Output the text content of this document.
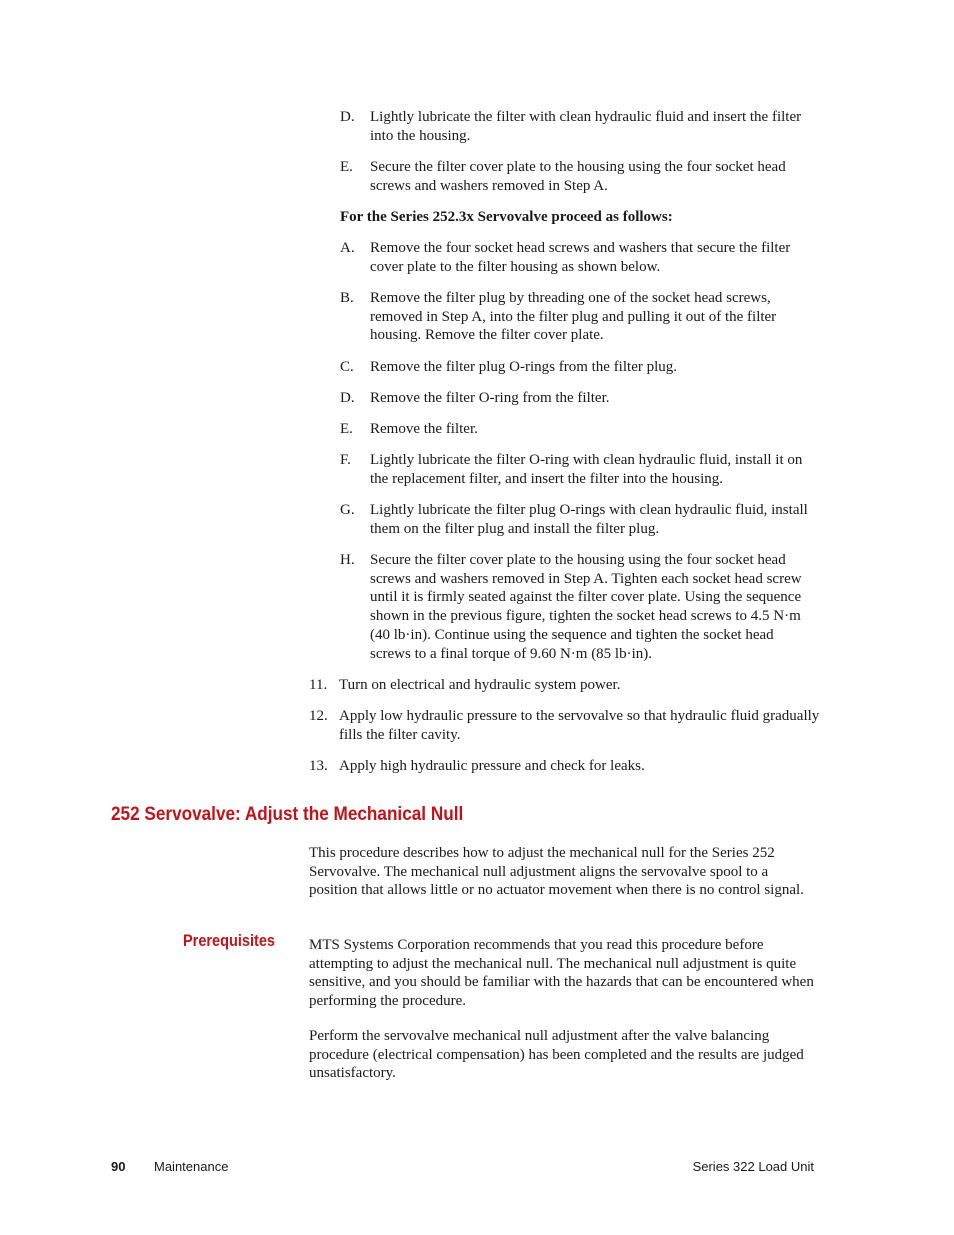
D. Lightly lubricate the filter with clean hydraulic fluid and insert the filter into the housing.
E. Secure the filter cover plate to the housing using the four socket head screws and washers removed in Step A.
For the Series 252.3x Servovalve proceed as follows:
A. Remove the four socket head screws and washers that secure the filter cover plate to the filter housing as shown below.
B. Remove the filter plug by threading one of the socket head screws, removed in Step A, into the filter plug and pulling it out of the filter housing. Remove the filter cover plate.
C. Remove the filter plug O-rings from the filter plug.
D. Remove the filter O-ring from the filter.
E. Remove the filter.
F. Lightly lubricate the filter O-ring with clean hydraulic fluid, install it on the replacement filter, and insert the filter into the housing.
G. Lightly lubricate the filter plug O-rings with clean hydraulic fluid, install them on the filter plug and install the filter plug.
H. Secure the filter cover plate to the housing using the four socket head screws and washers removed in Step A. Tighten each socket head screw until it is firmly seated against the filter cover plate. Using the sequence shown in the previous figure, tighten the socket head screws to 4.5 N·m (40 lb·in). Continue using the sequence and tighten the socket head screws to a final torque of 9.60 N·m (85 lb·in).
11. Turn on electrical and hydraulic system power.
12. Apply low hydraulic pressure to the servovalve so that hydraulic fluid gradually fills the filter cavity.
13. Apply high hydraulic pressure and check for leaks.
252 Servovalve: Adjust the Mechanical Null
This procedure describes how to adjust the mechanical null for the Series 252 Servovalve. The mechanical null adjustment aligns the servovalve spool to a position that allows little or no actuator movement when there is no control signal.
Prerequisites MTS Systems Corporation recommends that you read this procedure before attempting to adjust the mechanical null. The mechanical null adjustment is quite sensitive, and you should be familiar with the hazards that can be encountered when performing the procedure.
Perform the servovalve mechanical null adjustment after the valve balancing procedure (electrical compensation) has been completed and the results are judged unsatisfactory.
90 Maintenance	Series 322 Load Unit
